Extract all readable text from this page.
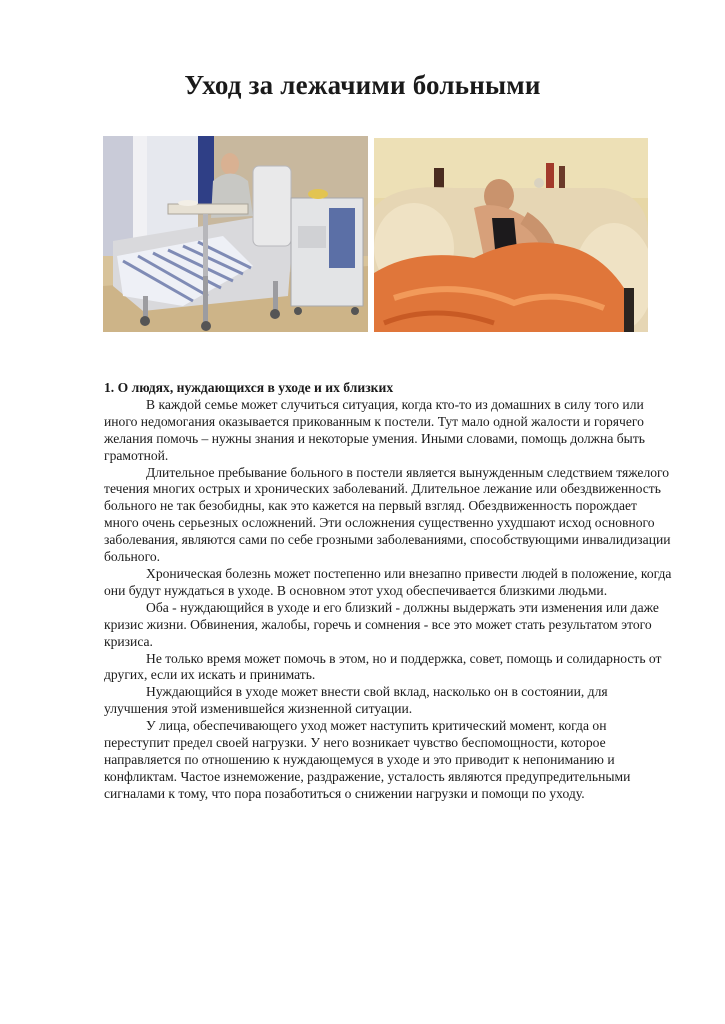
Уход за лежачими больными

1. О людях, нуждающихся в уходе и их близких

В каждой семье может случиться ситуация, когда кто-то из домашних в силу того или иного недомогания оказывается прикованным к постели. Тут мало одной жалости и горячего желания помочь – нужны знания и некоторые умения. Иными словами, помощь должна быть грамотной.

Длительное пребывание больного в постели является вынужденным следствием тяжелого течения многих острых и хронических заболеваний. Длительное лежание или обездвиженность больного не так безобидны, как это кажется на первый взгляд. Обездвиженность порождает много очень серьезных осложнений. Эти осложнения существенно ухудшают исход основного заболевания, являются сами по себе грозными заболеваниями, способствующими инвалидизации больного.

Хроническая болезнь может постепенно или внезапно привести людей в положение, когда они будут нуждаться в уходе. В основном этот уход обеспечивается близкими людьми.

Оба - нуждающийся в уходе и его близкий - должны выдержать эти изменения или даже кризис жизни. Обвинения, жалобы, горечь и сомнения - все это может стать результатом этого кризиса.

Не только время может помочь в этом, но и поддержка, совет, помощь и солидарность от других, если их искать и принимать.

Нуждающийся в уходе может внести свой вклад, насколько он в состоянии, для улучшения этой изменившейся жизненной ситуации.

У лица, обеспечивающего уход может наступить критический момент, когда он переступит предел своей нагрузки. У него возникает чувство беспомощности, которое направляется по отношению к нуждающемуся в уходе и это приводит к непониманию и конфликтам. Частое изнеможение, раздражение, усталость являются предупредительными сигналами к тому, что пора позаботиться о снижении нагрузки и помощи по уходу.
